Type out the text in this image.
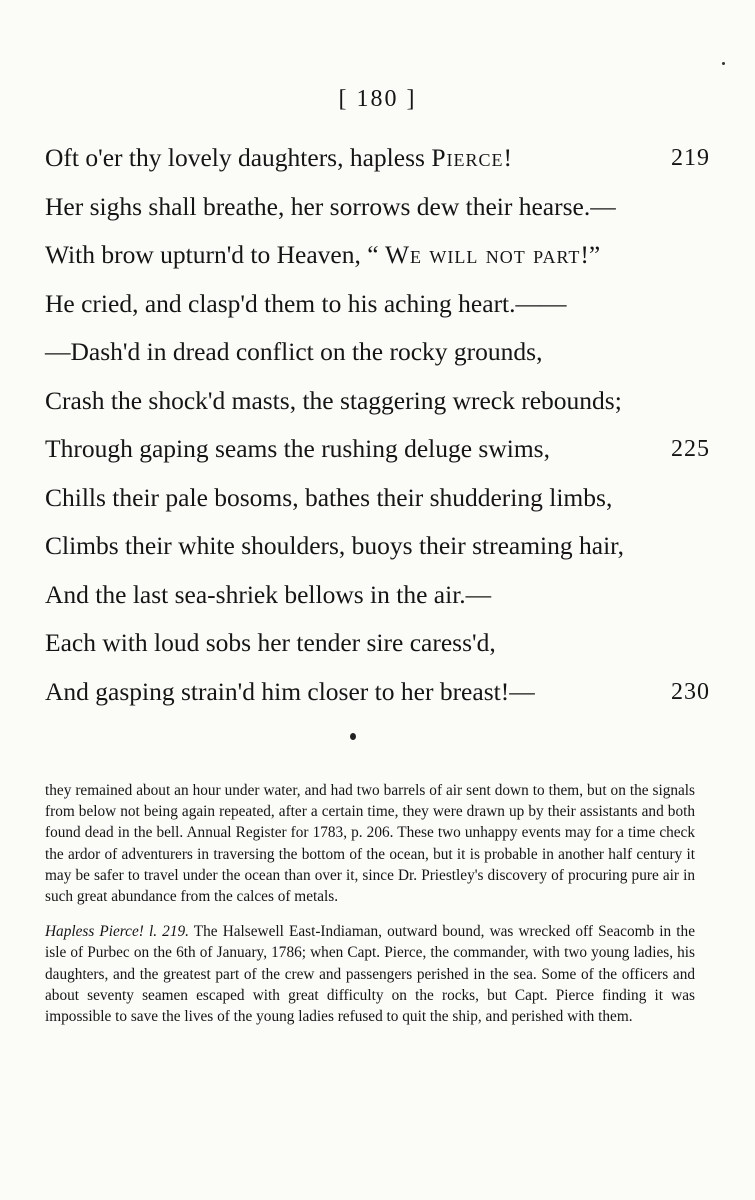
[ 180 ]
Oft o'er thy lovely daughters, hapless Pierce!	219
Her sighs shall breathe, her sorrows dew their hearse.—
With brow upturn'd to Heaven, “ We will not part!”
He cried, and clasp'd them to his aching heart.——
—Dash'd in dread conflict on the rocky grounds,
Crash the shock'd masts, the staggering wreck rebounds;
Through gaping seams the rushing deluge swims,	225
Chills their pale bosoms, bathes their shuddering limbs,
Climbs their white shoulders, buoys their streaming hair,
And the last sea-shriek bellows in the air.—
Each with loud sobs her tender sire caress'd,
And gasping strain'd him closer to her breast!—	230

they remained about an hour under water, and had two barrels of air sent down to them, but on the signals from below not being again repeated, after a certain time, they were drawn up by their assistants and both found dead in the bell. Annual Register for 1783, p. 206. These two unhappy events may for a time check the ardor of adventurers in traversing the bottom of the ocean, but it is probable in another half century it may be safer to travel under the ocean than over it, since Dr. Priestley's discovery of procuring pure air in such great abundance from the calces of metals.

Hapless Pierce! l. 219. The Halsewell East-Indiaman, outward bound, was wrecked off Seacomb in the isle of Purbec on the 6th of January, 1786; when Capt. Pierce, the commander, with two young ladies, his daughters, and the greatest part of the crew and passengers perished in the sea. Some of the officers and about seventy seamen escaped with great difficulty on the rocks, but Capt. Pierce finding it was impossible to save the lives of the young ladies refused to quit the ship, and perished with them.
